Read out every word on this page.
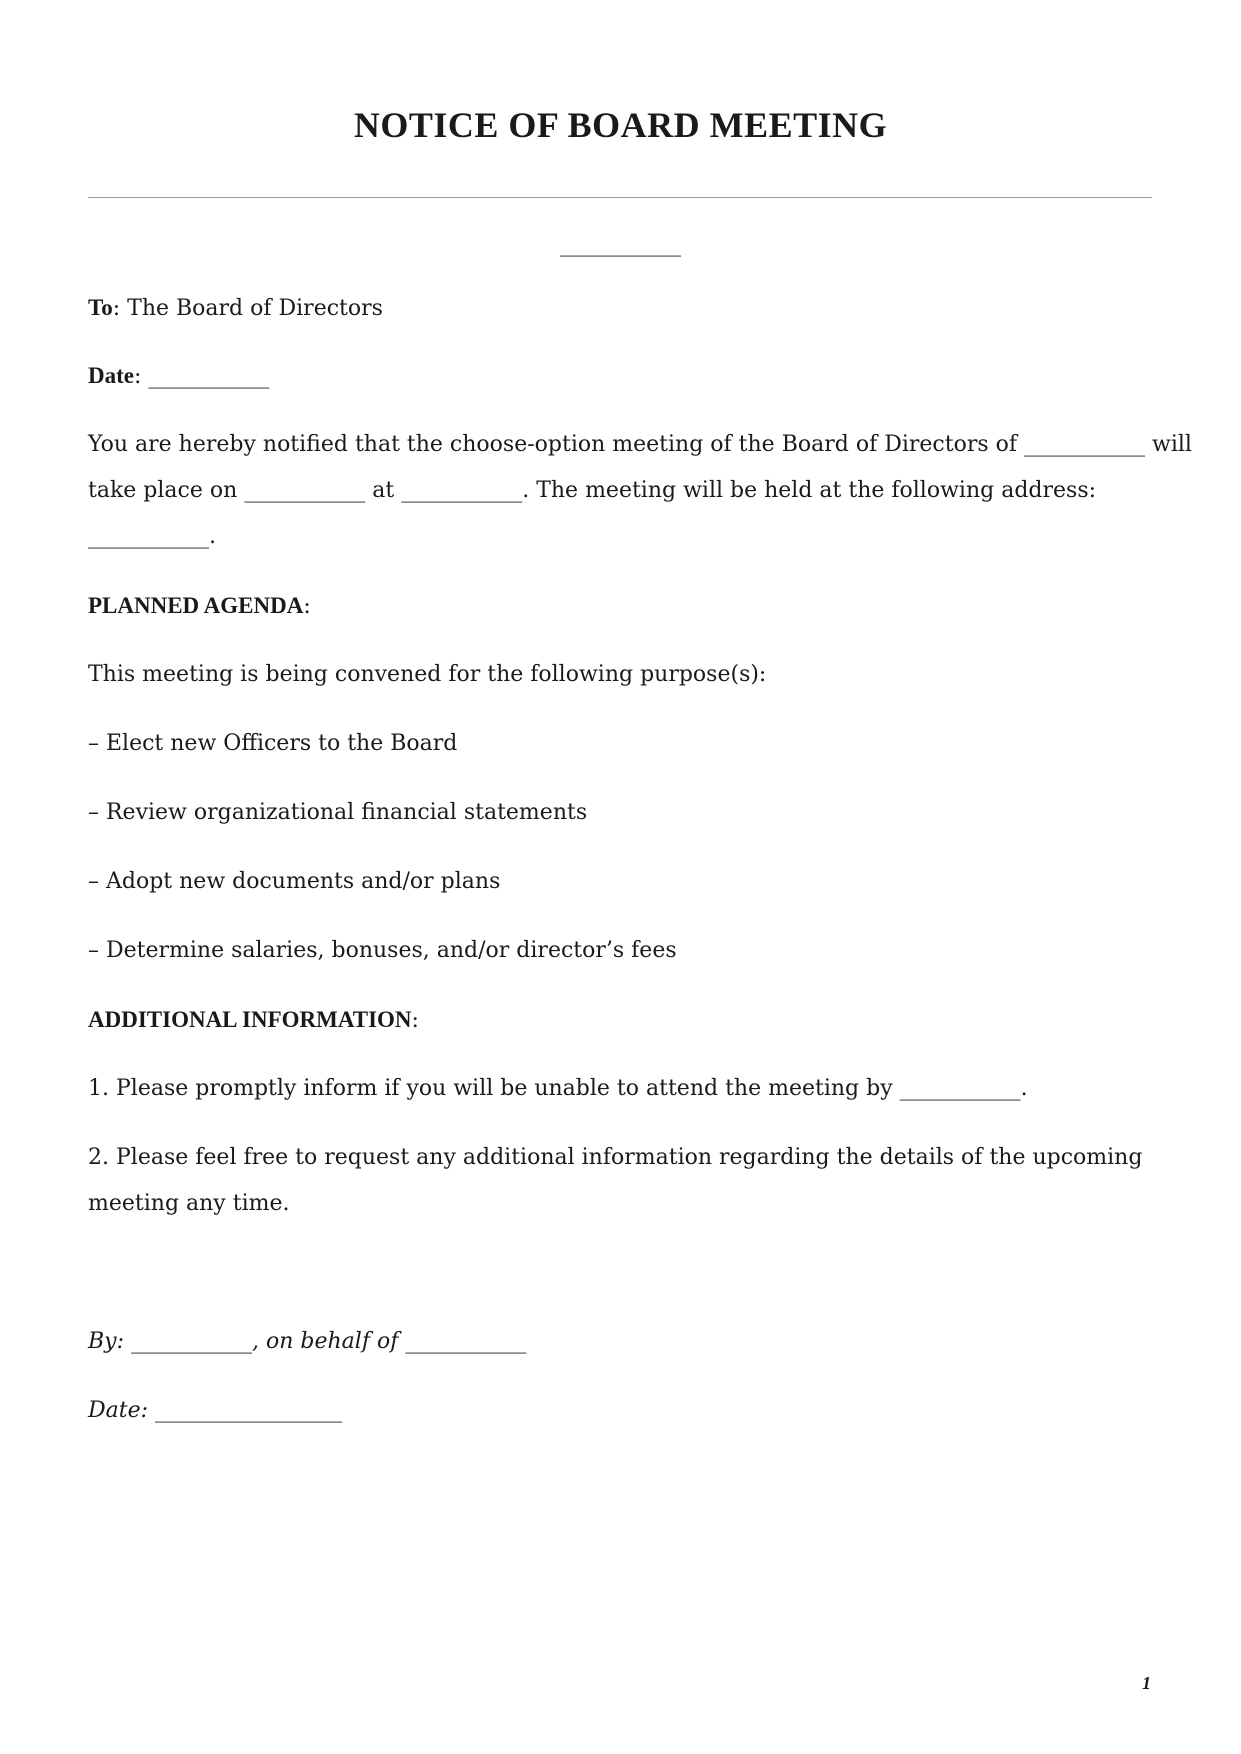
NOTICE OF BOARD MEETING
___________
To: The Board of Directors
Date: ___________
You are hereby notified that the choose-option meeting of the Board of Directors of ___________ will
take place on ___________ at ___________. The meeting will be held at the following address:
___________.
PLANNED AGENDA:
This meeting is being convened for the following purpose(s):
– Elect new Officers to the Board
– Review organizational financial statements
– Adopt new documents and/or plans
– Determine salaries, bonuses, and/or director’s fees
ADDITIONAL INFORMATION:
1. Please promptly inform if you will be unable to attend the meeting by ___________.
2. Please feel free to request any additional information regarding the details of the upcoming
meeting any time.
By: ___________, on behalf of ___________
Date: _________________
1
